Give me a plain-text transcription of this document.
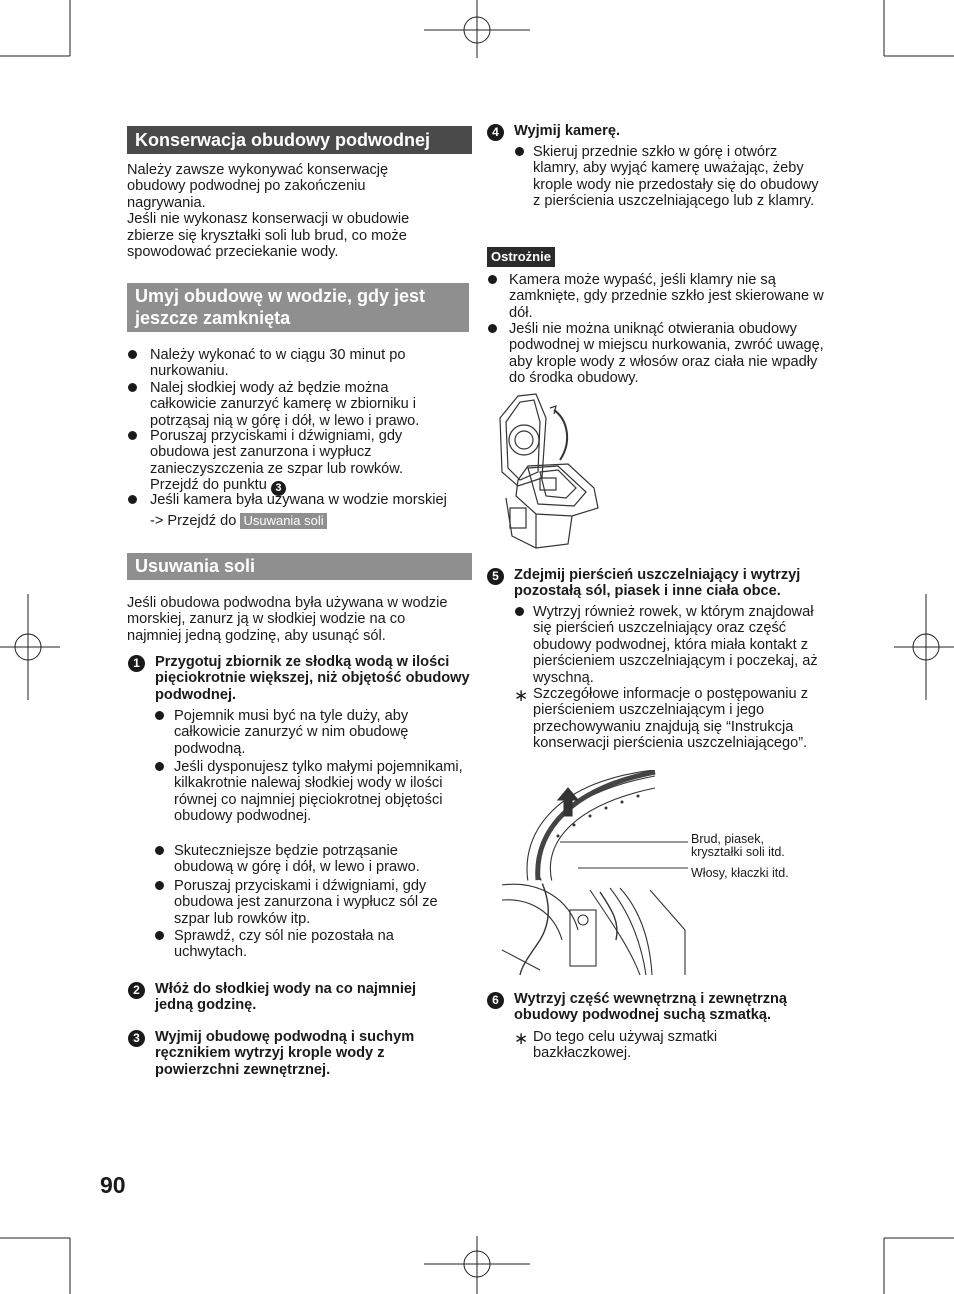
Konserwacja obudowy podwodnej
Należy zawsze wykonywać konserwację obudowy podwodnej po zakończeniu nagrywania.
Jeśli nie wykonasz konserwacji w obudowie zbierze się kryształki soli lub brud, co może spowodować przeciekanie wody.
Umyj obudowę w wodzie, gdy jest jeszcze zamknięta
Należy wykonać to w ciągu 30 minut po nurkowaniu.
Nalej słodkiej wody aż będzie można całkowicie zanurzyć kamerę w zbiorniku i potrząsaj nią w górę i dół, w lewo i prawo.
Poruszaj przyciskami i dźwigniami, gdy obudowa jest zanurzona i wypłucz zanieczyszczenia ze szpar lub rowków.
Przejdź do punktu 3
Jeśli kamera była używana w wodzie morskiej
-> Przejdź do Usuwania soli
Usuwania soli
Jeśli obudowa podwodna była używana w wodzie morskiej, zanurz ją w słodkiej wodzie na co najmniej jedną godzinę, aby usunąć sól.
1	Przygotuj zbiornik ze słodką wodą w ilości pięciokrotnie większej, niż objętość obudowy podwodnej.
Pojemnik musi być na tyle duży, aby całkowicie zanurzyć w nim obudowę podwodną.
Jeśli dysponujesz tylko małymi pojemnikami, kilkakrotnie nalewaj słodkiej wody w ilości równej co najmniej pięciokrotnej objętości obudowy podwodnej.
Skuteczniejsze będzie potrząsanie obudową w górę i dół, w lewo i prawo.
Poruszaj przyciskami i dźwigniami, gdy obudowa jest zanurzona i wypłucz sól ze szpar lub rowków itp.
Sprawdź, czy sól nie pozostała na uchwytach.
2	Włóż do słodkiej wody na co najmniej jedną godzinę.
3	Wyjmij obudowę podwodną i suchym ręcznikiem wytrzyj krople wody z powierzchni zewnętrznej.
90
4	Wyjmij kamerę.
Skieruj przednie szkło w górę i otwórz klamry, aby wyjąć kamerę uważając, żeby krople wody nie przedostały się do obudowy z pierścienia uszczelniającego lub z klamry.
Ostrożnie
Kamera może wypaść, jeśli klamry nie są zamknięte, gdy przednie szkło jest skierowane w dół.
Jeśli nie można uniknąć otwierania obudowy podwodnej w miejscu nurkowania, zwróć uwagę, aby krople wody z włosów oraz ciała nie wpadły do środka obudowy.
5	Zdejmij pierścień uszczelniający i wytrzyj pozostałą sól, piasek i inne ciała obce.
Wytrzyj również rowek, w którym znajdował się pierścień uszczelniający oraz część obudowy podwodnej, która miała kontakt z pierścieniem uszczelniającym i poczekaj, aż wyschną.
∗ Szczegółowe informacje o postępowaniu z pierścieniem uszczelniającym i jego przechowywaniu znajdują się “Instrukcja konserwacji pierścienia uszczelniającego”.
Brud, piasek,
kryształki soli itd.
Włosy, kłaczki itd.
6	Wytrzyj część wewnętrzną i zewnętrzną obudowy podwodnej suchą szmatką.
∗ Do tego celu używaj szmatki bazkłaczkowej.
